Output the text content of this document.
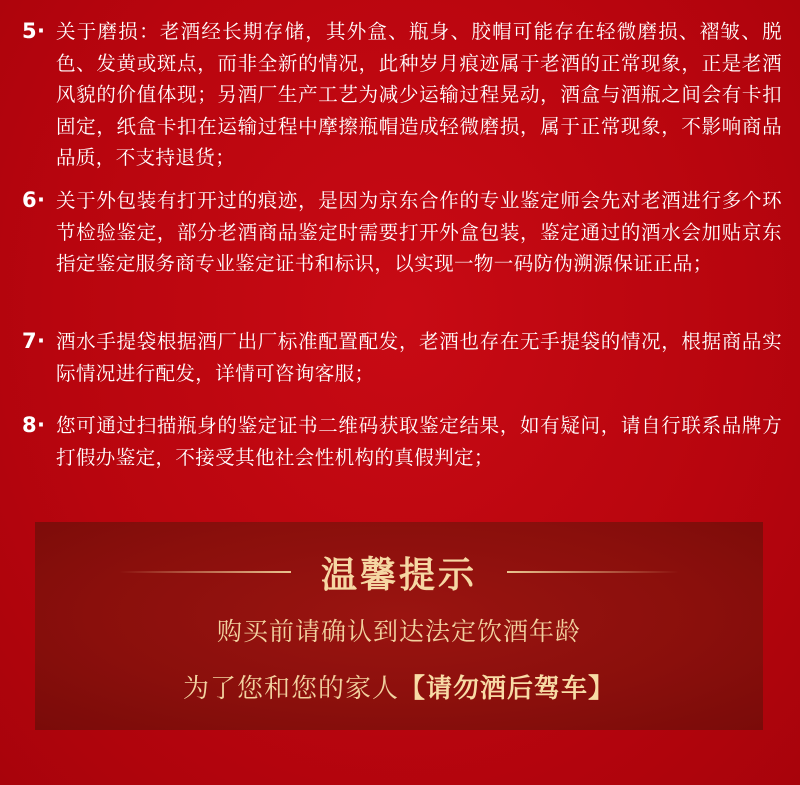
5· 关于磨损：老酒经长期存储，其外盒、瓶身、胶帽可能存在轻微磨损、褶皱、脱色、发黄或斑点，而非全新的情况，此种岁月痕迹属于老酒的正常现象，正是老酒风貌的价值体现；另酒厂生产工艺为减少运输过程晃动，酒盒与酒瓶之间会有卡扣固定，纸盒卡扣在运输过程中摩擦瓶帽造成轻微磨损，属于正常现象，不影响商品品质，不支持退货；
6· 关于外包装有打开过的痕迹，是因为京东合作的专业鉴定师会先对老酒进行多个环节检验鉴定，部分老酒商品鉴定时需要打开外盒包装，鉴定通过的酒水会加贴京东指定鉴定服务商专业鉴定证书和标识，以实现一物一码防伪溯源保证正品；
7· 酒水手提袋根据酒厂出厂标准配置配发，老酒也存在无手提袋的情况，根据商品实际情况进行配发，详情可咨询客服；
8· 您可通过扫描瓶身的鉴定证书二维码获取鉴定结果，如有疑问，请自行联系品牌方打假办鉴定，不接受其他社会性机构的真假判定；
温馨提示
购买前请确认到达法定饮酒年龄
为了您和您的家人【请勿酒后驾车】
